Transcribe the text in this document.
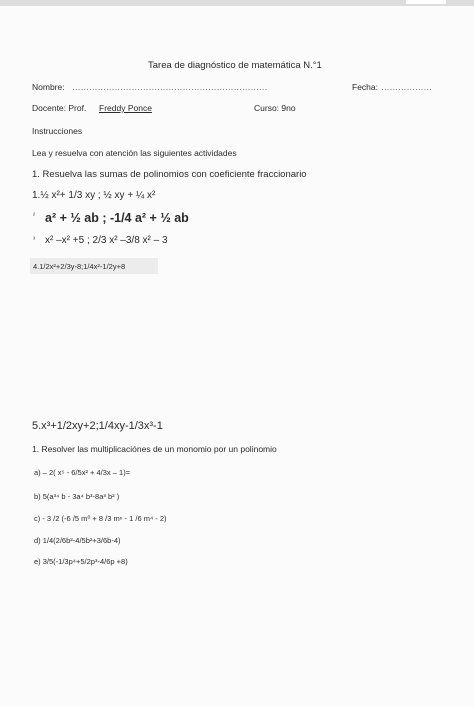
Tarea de diagnóstico de matemática N.°1
Nombre: ……………………………………………………………	Fecha: ………………
Docente: Prof. Freddy Ponce	Curso: 9no
Instrucciones
Lea y resuelva con atención las siguientes actividades
1. Resuelva las sumas de polinomios con coeficiente fraccionario
1.½ x²+ 1/3 xy ; ½ xy + ¼ x²
² a² + ½ ab ; -1/4 a² + ½ ab
³ x² –x² +5 ; 2/3 x² –3/8 x² – 3
4.1/2x²+2/3y-8;1/4x²-1/2y+8
5.x³+1/2xy+2;1/4xy-1/3x³-1
1. Resolver las multiplicaciónes de un monomio por un polinomio
a) – 2( x⁵ - 6/5x² + 4/3x – 1)=
b) 5(a³⁴ b - 3a⁴ b³-8a³ b² )
c) - 3 /2 (-6 /5 m⁰ + 8 /3 mⁿ - 1 /6 m⁴ - 2)
d) 1/4(2/6b²-4/5b²+3/6b-4)
e) 3/5(-1/3p⁴+5/2p³-4/6p +8)
